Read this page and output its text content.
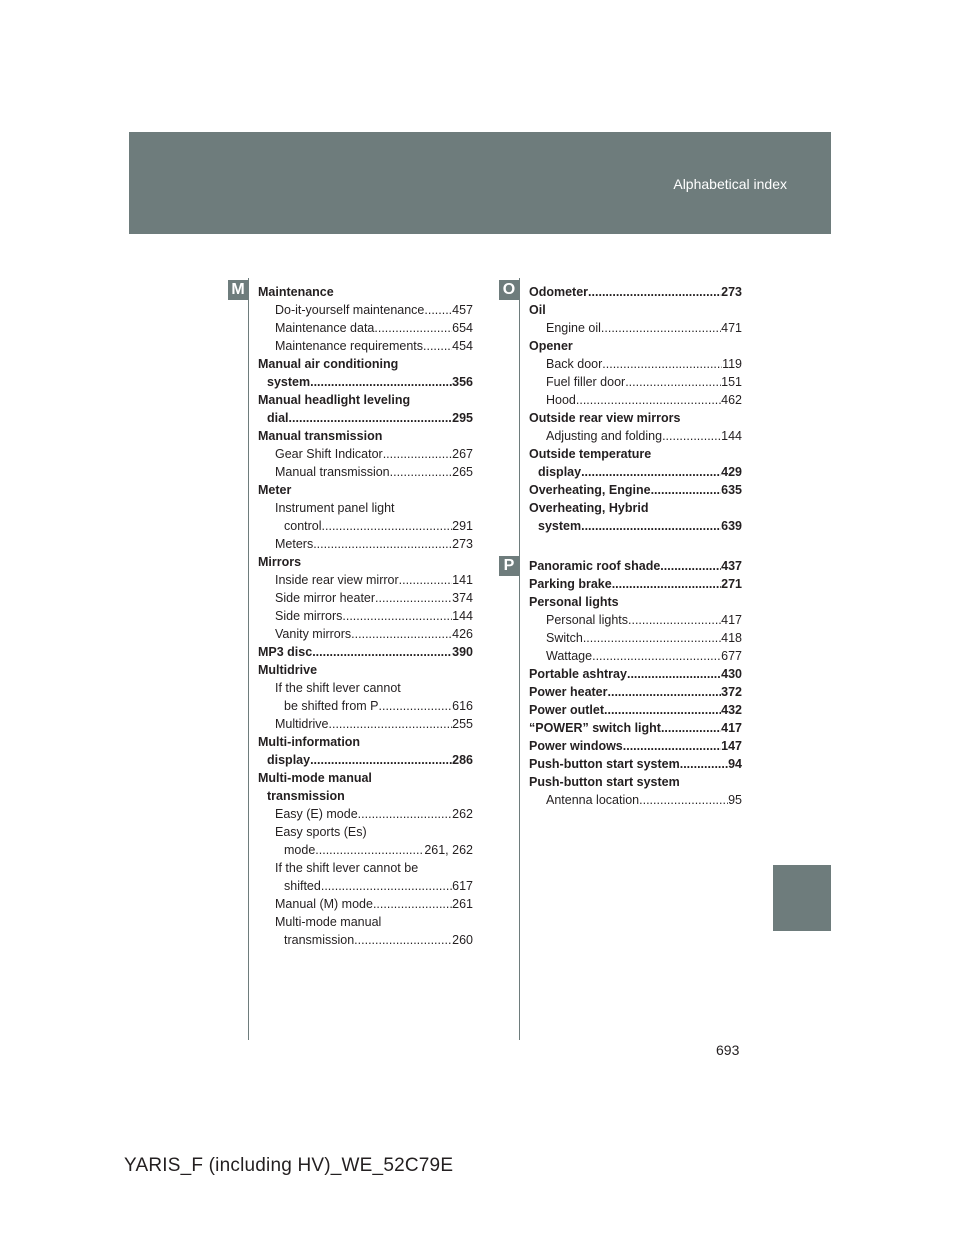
Alphabetical index
M	O
P
Maintenance
Do-it-yourself maintenance ..... 457
Maintenance data .....	654
Maintenance requirements ..... 454
Manual air conditioning
system .....	356
Manual headlight leveling
dial .....	295
Manual transmission
Gear Shift Indicator .....	267
Manual transmission .....	265
Meter
Instrument panel light
control .....	291
Meters .....	273
Mirrors
Inside rear view mirror .....	141
Side mirror heater .....	374
Side mirrors .....	144
Vanity mirrors .....	426
MP3 disc .....	390
Multidrive
If the shift lever cannot
be shifted from P .....	616
Multidrive .....	255
Multi-information
display .....	286
Multi-mode manual
transmission
Easy (E) mode .....	262
Easy sports (Es)
mode .....	261, 262
If the shift lever cannot be
shifted .....	617
Manual (M) mode .....	261
Multi-mode manual
transmission .....	260
Odometer .....	273
Oil
Engine oil .....	471
Opener
Back door .....	119
Fuel filler door .....	151
Hood .....	462
Outside rear view mirrors
Adjusting and folding .....	144
Outside temperature
display .....	429
Overheating, Engine .....	635
Overheating, Hybrid
system .....	639
Panoramic roof shade .....	437
Parking brake .....	271
Personal lights
Personal lights .....	417
Switch .....	418
Wattage .....	677
Portable ashtray .....	430
Power heater .....	372
Power outlet .....	432
“POWER” switch light .....	417
Power windows .....	147
Push-button start system .....	94
Push-button start system
Antenna location .....	95
693
YARIS_F (including HV)_WE_52C79E
